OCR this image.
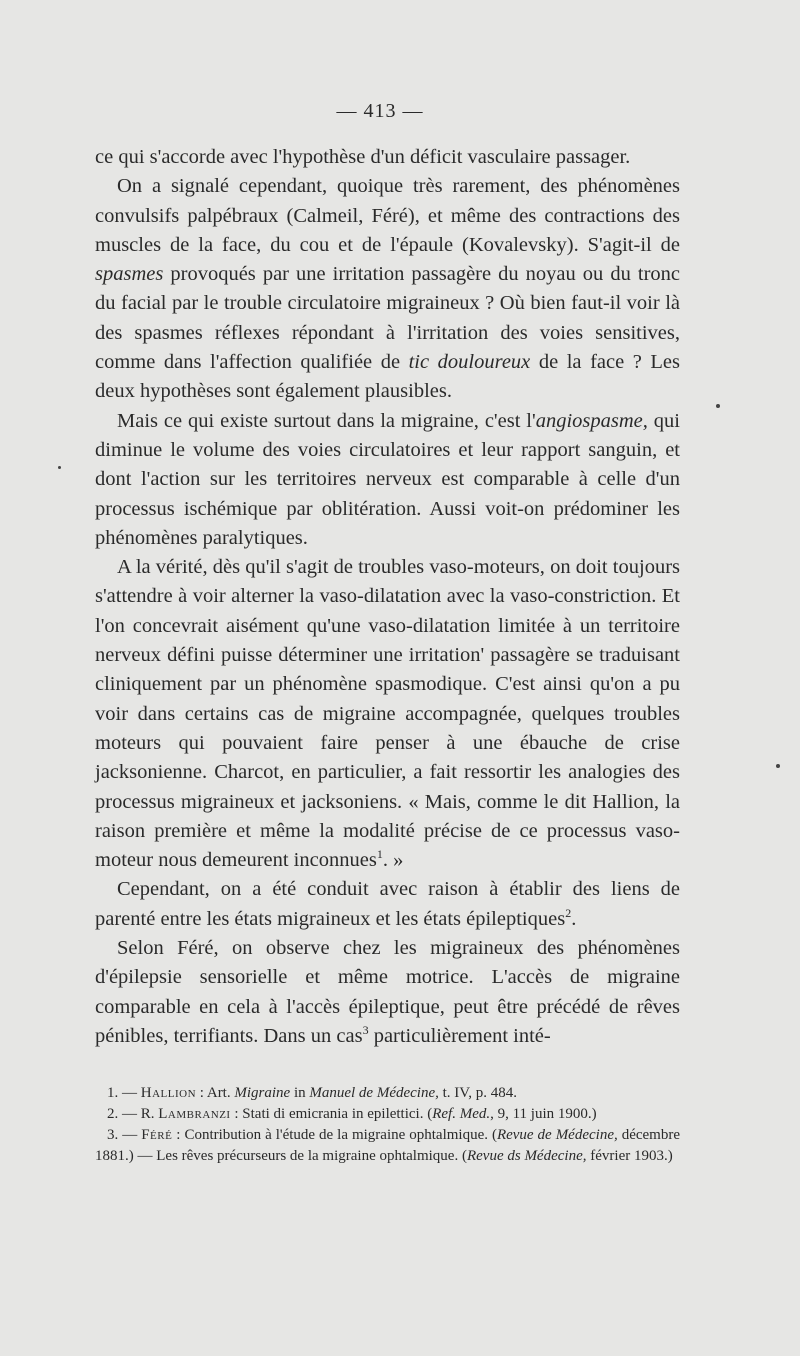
— 413 —

ce qui s'accorde avec l'hypothèse d'un déficit vasculaire passager.

On a signalé cependant, quoique très rarement, des phénomènes convulsifs palpébraux (Calmeil, Féré), et même des contractions des muscles de la face, du cou et de l'épaule (Kovalevsky). S'agit-il de spasmes provoqués par une irritation passagère du noyau ou du tronc du facial par le trouble circulatoire migraineux ? Où bien faut-il voir là des spasmes réflexes répondant à l'irritation des voies sensitives, comme dans l'affection qualifiée de tic douloureux de la face ? Les deux hypothèses sont également plausibles.

Mais ce qui existe surtout dans la migraine, c'est l'angiospasme, qui diminue le volume des voies circulatoires et leur rapport sanguin, et dont l'action sur les territoires nerveux est comparable à celle d'un processus ischémique par oblitération. Aussi voit-on prédominer les phénomènes paralytiques.

A la vérité, dès qu'il s'agit de troubles vaso-moteurs, on doit toujours s'attendre à voir alterner la vaso-dilatation avec la vaso-constriction. Et l'on concevrait aisément qu'une vaso-dilatation limitée à un territoire nerveux défini puisse déterminer une irritation' passagère se traduisant cliniquement par un phénomène spasmodique. C'est ainsi qu'on a pu voir dans certains cas de migraine accompagnée, quelques troubles moteurs qui pouvaient faire penser à une ébauche de crise jacksonienne. Charcot, en particulier, a fait ressortir les analogies des processus migraineux et jacksoniens. « Mais, comme le dit Hallion, la raison première et même la modalité précise de ce processus vaso-moteur nous demeurent inconnues$^1$. »

Cependant, on a été conduit avec raison à établir des liens de parenté entre les états migraineux et les états épileptiques$^2$.

Selon Féré, on observe chez les migraineux des phénomènes d'épilepsie sensorielle et même motrice. L'accès de migraine comparable en cela à l'accès épileptique, peut être précédé de rêves pénibles, terrifiants. Dans un cas$^3$ particulièrement inté-

1. — Hallion : Art. Migraine in Manuel de Médecine, t. IV, p. 484.

2. — R. Lambranzi : Stati di emicrania in epilettici. (Ref. Med., 9, 11 juin 1900.)

3. — Féré : Contribution à l'étude de la migraine ophtalmique. (Revue de Médecine, décembre 1881.) — Les rêves précurseurs de la migraine ophtalmique. (Revue ds Médecine, février 1903.)
